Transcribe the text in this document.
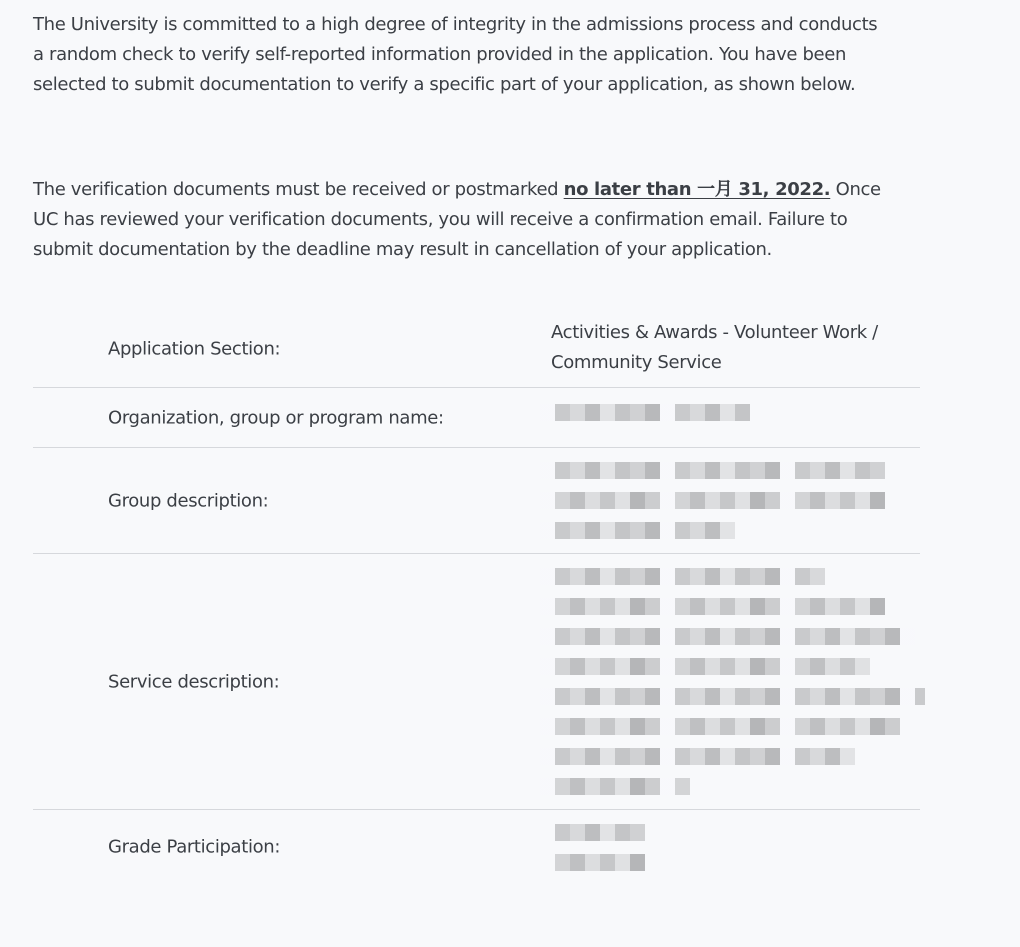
The University is committed to a high degree of integrity in the admissions process and conducts a random check to verify self-reported information provided in the application. You have been selected to submit documentation to verify a specific part of your application, as shown below.

The verification documents must be received or postmarked no later than 一月 31, 2022. Once UC has reviewed your verification documents, you will receive a confirmation email. Failure to submit documentation by the deadline may result in cancellation of your application.

Application Section:
Activities & Awards - Volunteer Work / Community Service
Organization, group or program name:
Group description:
Service description:
Grade Participation:
